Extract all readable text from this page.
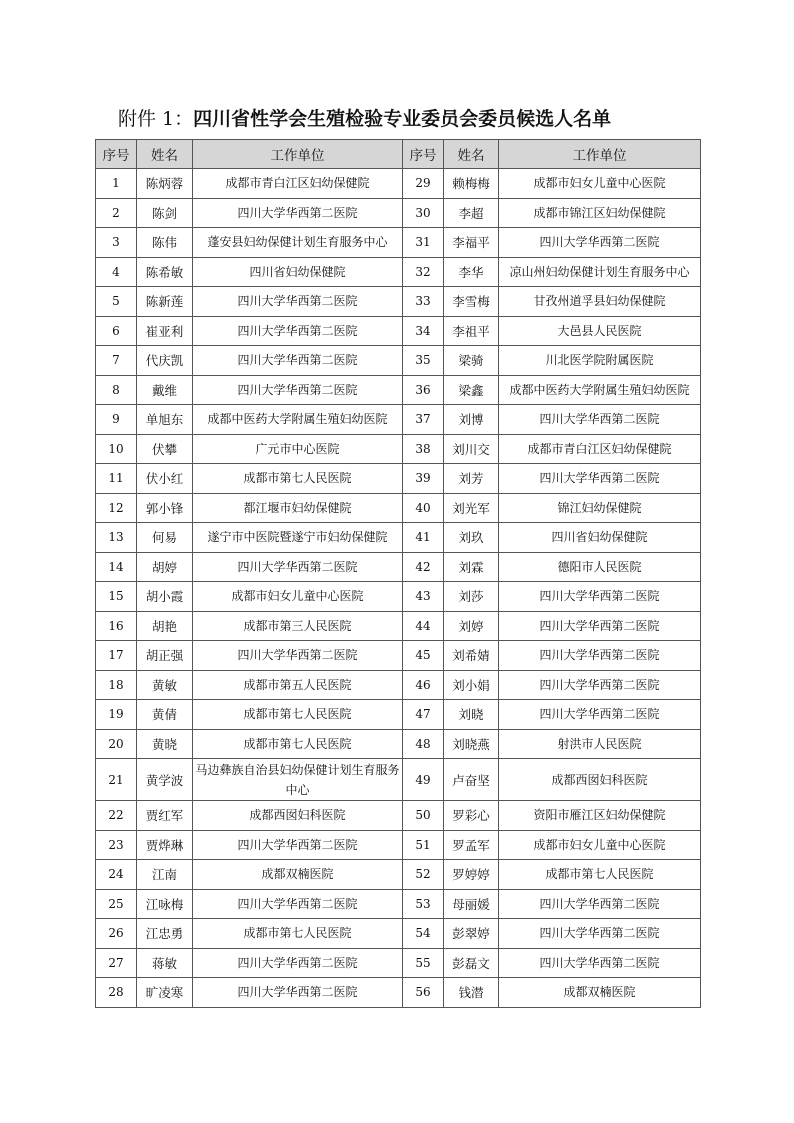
附件 1：四川省性学会生殖检验专业委员会委员候选人名单
序号	姓名	工作单位	序号	姓名	工作单位
1	陈炳蓉	成都市青白江区妇幼保健院	29	赖梅梅	成都市妇女儿童中心医院
2	陈剑	四川大学华西第二医院	30	李超	成都市锦江区妇幼保健院
3	陈伟	蓬安县妇幼保健计划生育服务中心	31	李福平	四川大学华西第二医院
4	陈希敏	四川省妇幼保健院	32	李华	凉山州妇幼保健计划生育服务中心
5	陈新莲	四川大学华西第二医院	33	李雪梅	甘孜州道孚县妇幼保健院
6	崔亚利	四川大学华西第二医院	34	李祖平	大邑县人民医院
7	代庆凯	四川大学华西第二医院	35	梁骑	川北医学院附属医院
8	戴维	四川大学华西第二医院	36	梁鑫	成都中医药大学附属生殖妇幼医院
9	单旭东	成都中医药大学附属生殖妇幼医院	37	刘博	四川大学华西第二医院
10	伏攀	广元市中心医院	38	刘川交	成都市青白江区妇幼保健院
11	伏小红	成都市第七人民医院	39	刘芳	四川大学华西第二医院
12	郭小锋	都江堰市妇幼保健院	40	刘光军	锦江妇幼保健院
13	何易	遂宁市中医院暨遂宁市妇幼保健院	41	刘玖	四川省妇幼保健院
14	胡婷	四川大学华西第二医院	42	刘霖	德阳市人民医院
15	胡小霞	成都市妇女儿童中心医院	43	刘莎	四川大学华西第二医院
16	胡艳	成都市第三人民医院	44	刘婷	四川大学华西第二医院
17	胡正强	四川大学华西第二医院	45	刘希婧	四川大学华西第二医院
18	黄敏	成都市第五人民医院	46	刘小娟	四川大学华西第二医院
19	黄倩	成都市第七人民医院	47	刘晓	四川大学华西第二医院
20	黄晓	成都市第七人民医院	48	刘晓燕	射洪市人民医院
21	黄学波	马边彝族自治县妇幼保健计划生育服务中心	49	卢奋坚	成都西囡妇科医院
22	贾红军	成都西囡妇科医院	50	罗彩心	资阳市雁江区妇幼保健院
23	贾烨琳	四川大学华西第二医院	51	罗孟军	成都市妇女儿童中心医院
24	江南	成都双楠医院	52	罗婷婷	成都市第七人民医院
25	江咏梅	四川大学华西第二医院	53	母丽媛	四川大学华西第二医院
26	江忠勇	成都市第七人民医院	54	彭翠婷	四川大学华西第二医院
27	蒋敏	四川大学华西第二医院	55	彭磊文	四川大学华西第二医院
28	旷凌寒	四川大学华西第二医院	56	钱潜	成都双楠医院
